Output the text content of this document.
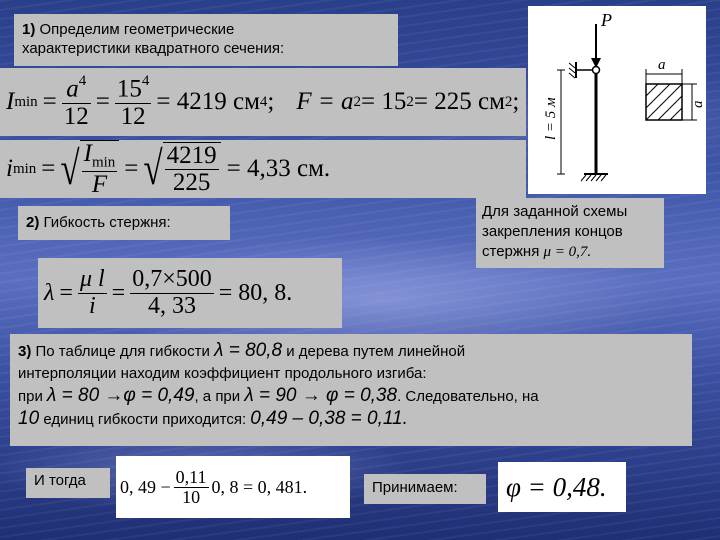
1) Определим геометрические
характеристики квадратного сечения:
I $\min = \frac{a^4}{12} = \frac{15^4}{12} = 4219$ см 4 ; F = a 2 = 15 2 = 225 см 2 ;
i min = √ $\frac{I_{min}}{F}$ = √ $\frac{4219}{225} = 4,33$ см.
P
l = 5 м
a
a
2) Гибкость стержня:
Для заданной схемы
закрепления концов
стержня μ = 0,7.
$\lambda = \frac{\text{μ l}}{i} = \frac{0,7\times 500}{4, 33} = 80$, 8.
3) По таблице для гибкости λ = 80,8 и дерева путем линейной
интерполяции находим коэффициент продольного изгиба:
при λ = 80 →φ = 0,49, а при λ = 90 → φ = 0,38. Следовательно, на
10 единиц гибкости приходится: 0,49 – 0,38 = 0,11.
И тогда	0, $49 - \frac{0,11}{10} 0$, 8 = 0, 481.	Принимаем:	φ = 0,48.
